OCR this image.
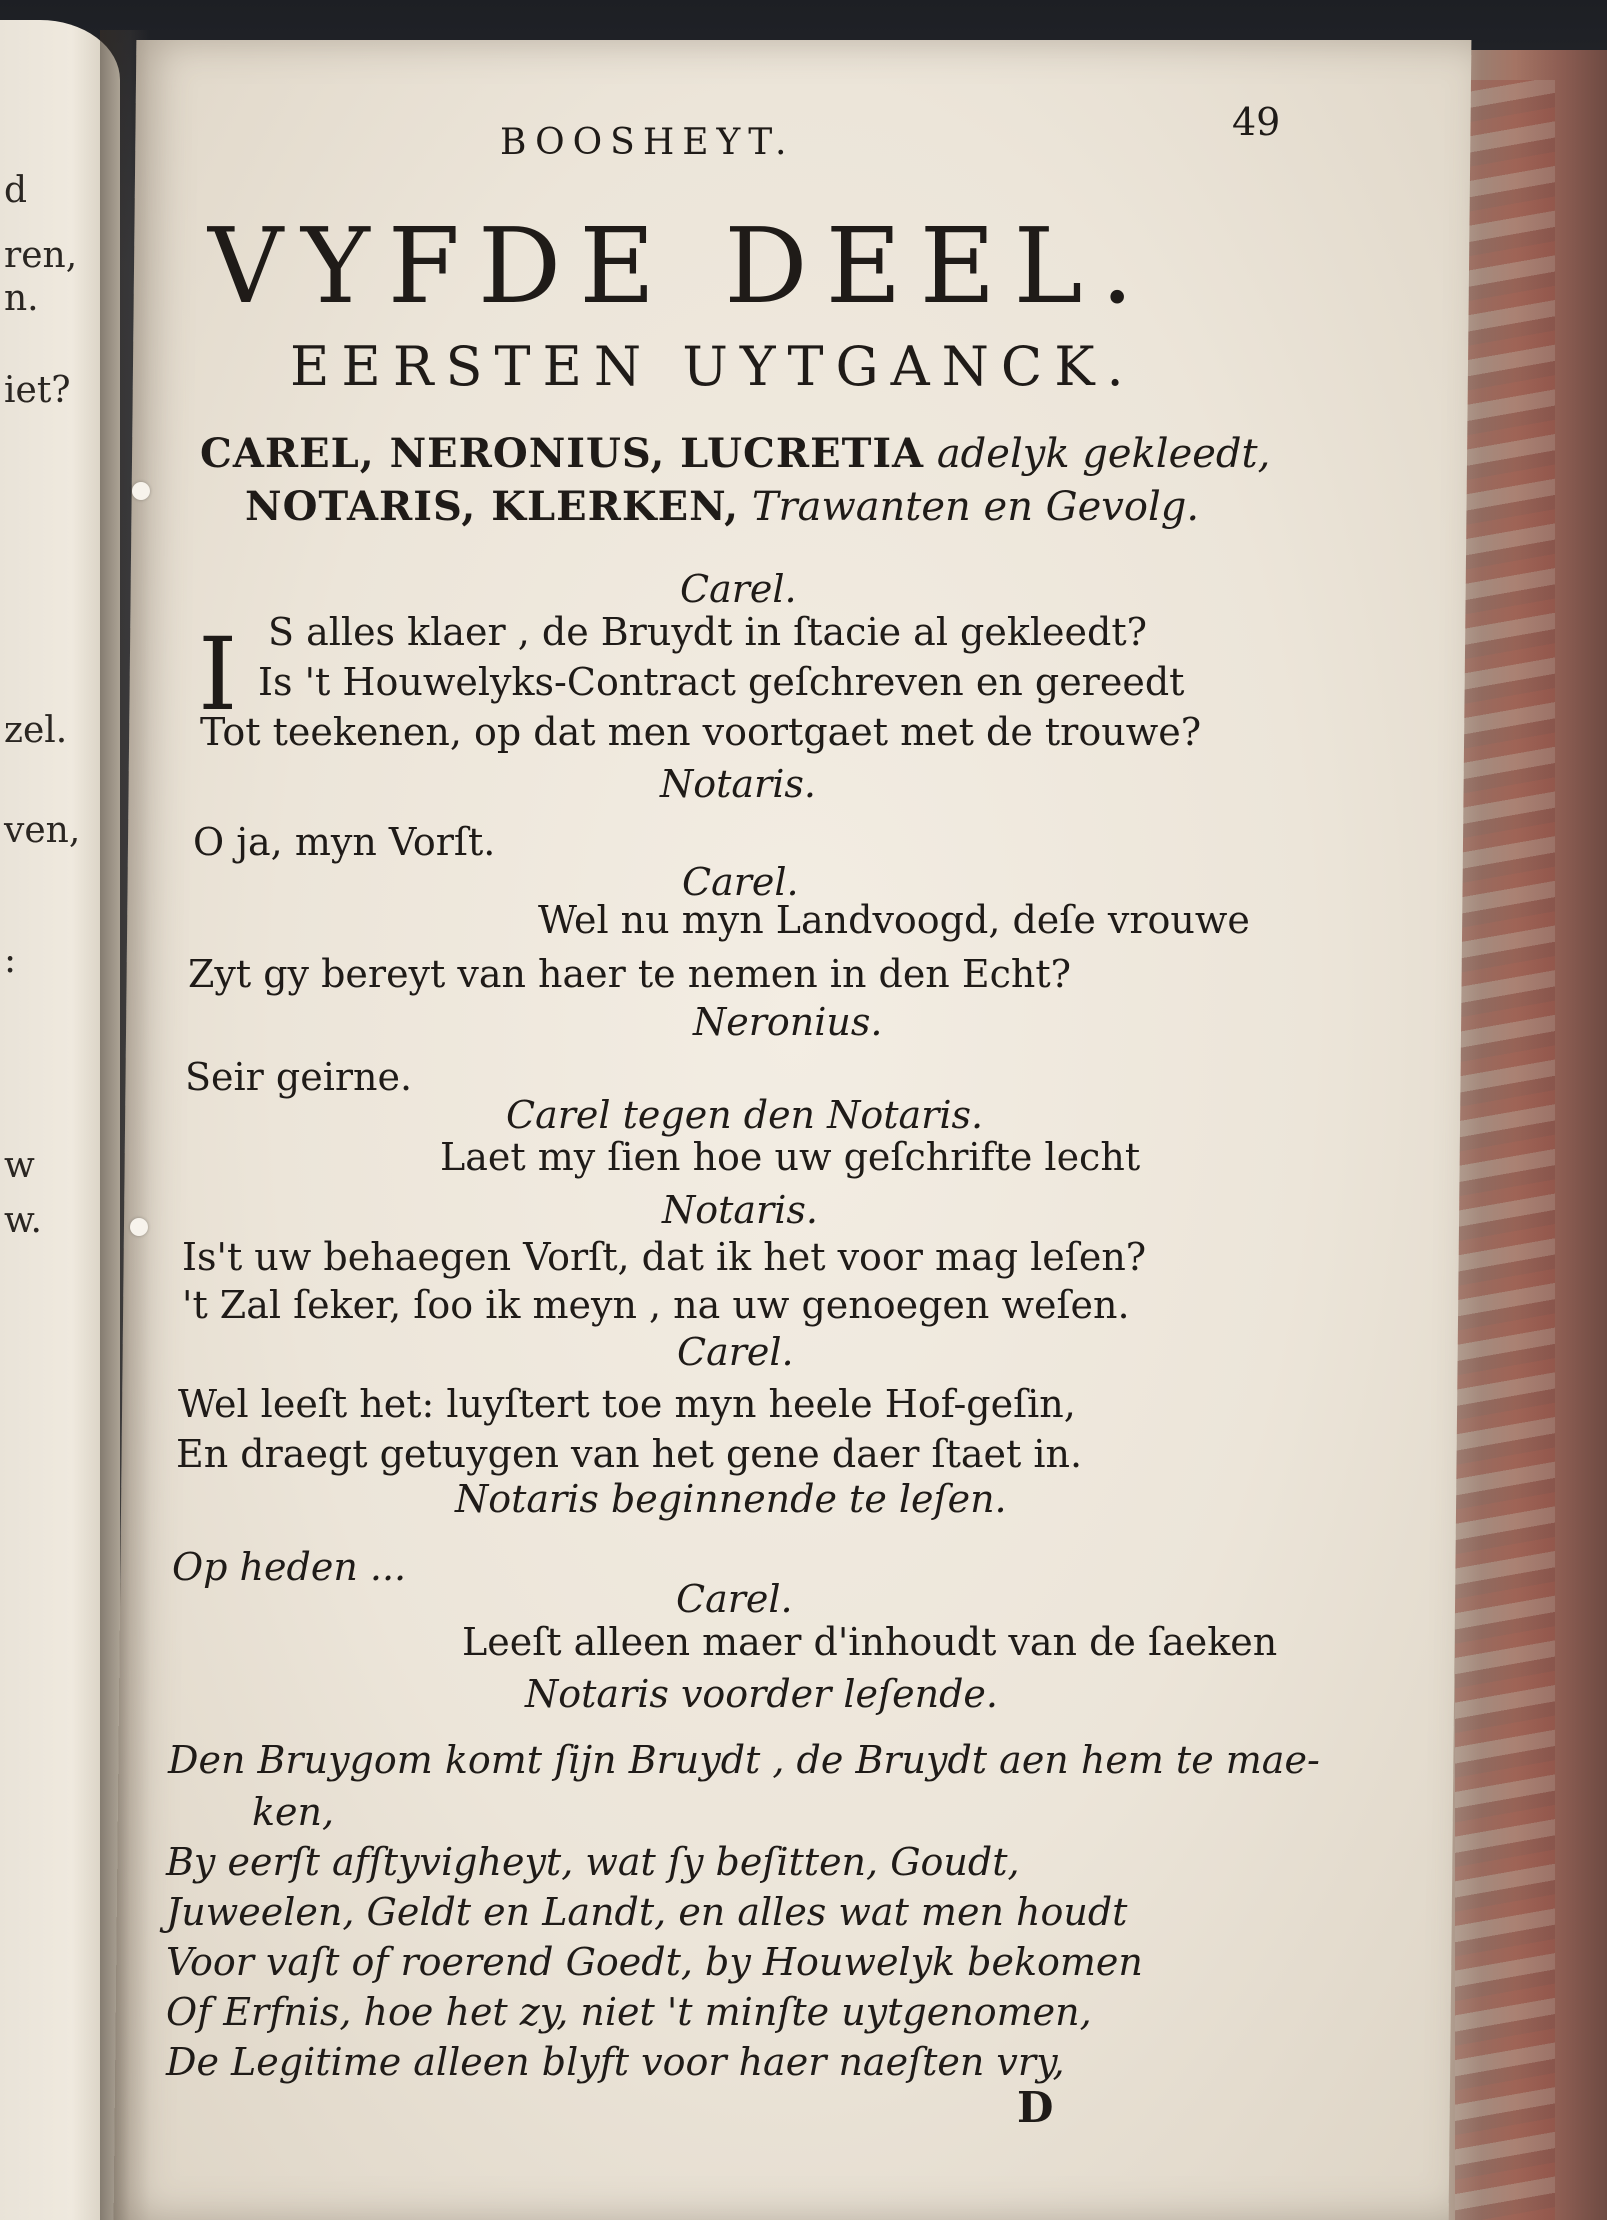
d
ren,
n.
iet?
zel.
ven,
:
w
w.
BOOSHEYT.	49
VYFDE DEEL.
EERSTEN UYTGANCK.
CAREL, NERONIUS, LUCRETIA adelyk gekleedt,
NOTARIS, KLERKEN, Trawanten en Gevolg.
Carel.
I S alles klaer , de Bruydt in ſtacie al gekleedt?
Is 't Houwelyks-Contract geſchreven en gereedt
Tot teekenen, op dat men voortgaet met de trouwe?
Notaris.
O ja, myn Vorſt.
Carel.
Wel nu myn Landvoogd, deſe vrouwe
Zyt gy bereyt van haer te nemen in den Echt?
Neronius.
Seir geirne.
Carel tegen den Notaris.
Laet my ſien hoe uw geſchrifte lecht
Notaris.
Is't uw behaegen Vorſt, dat ik het voor mag leſen?
't Zal ſeker, ſoo ik meyn , na uw genoegen weſen.
Carel.
Wel leeſt het: luyſtert toe myn heele Hof-geſin,
En draegt getuygen van het gene daer ſtaet in.
Notaris beginnende te leſen.
Op heden ...
Carel.
Leeſt alleen maer d'inhoudt van de ſaeken
Notaris voorder leſende.
Den Bruygom komt ſijn Bruydt , de Bruydt aen hem te mae-
ken,
By eerſt afſtyvigheyt, wat ſy beſitten, Goudt,
Juweelen, Geldt en Landt, en alles wat men houdt
Voor vaſt of roerend Goedt, by Houwelyk bekomen
Of Erfnis, hoe het zy, niet 't minſte uytgenomen,
De Legitime alleen blyft voor haer naeſten vry,
D
